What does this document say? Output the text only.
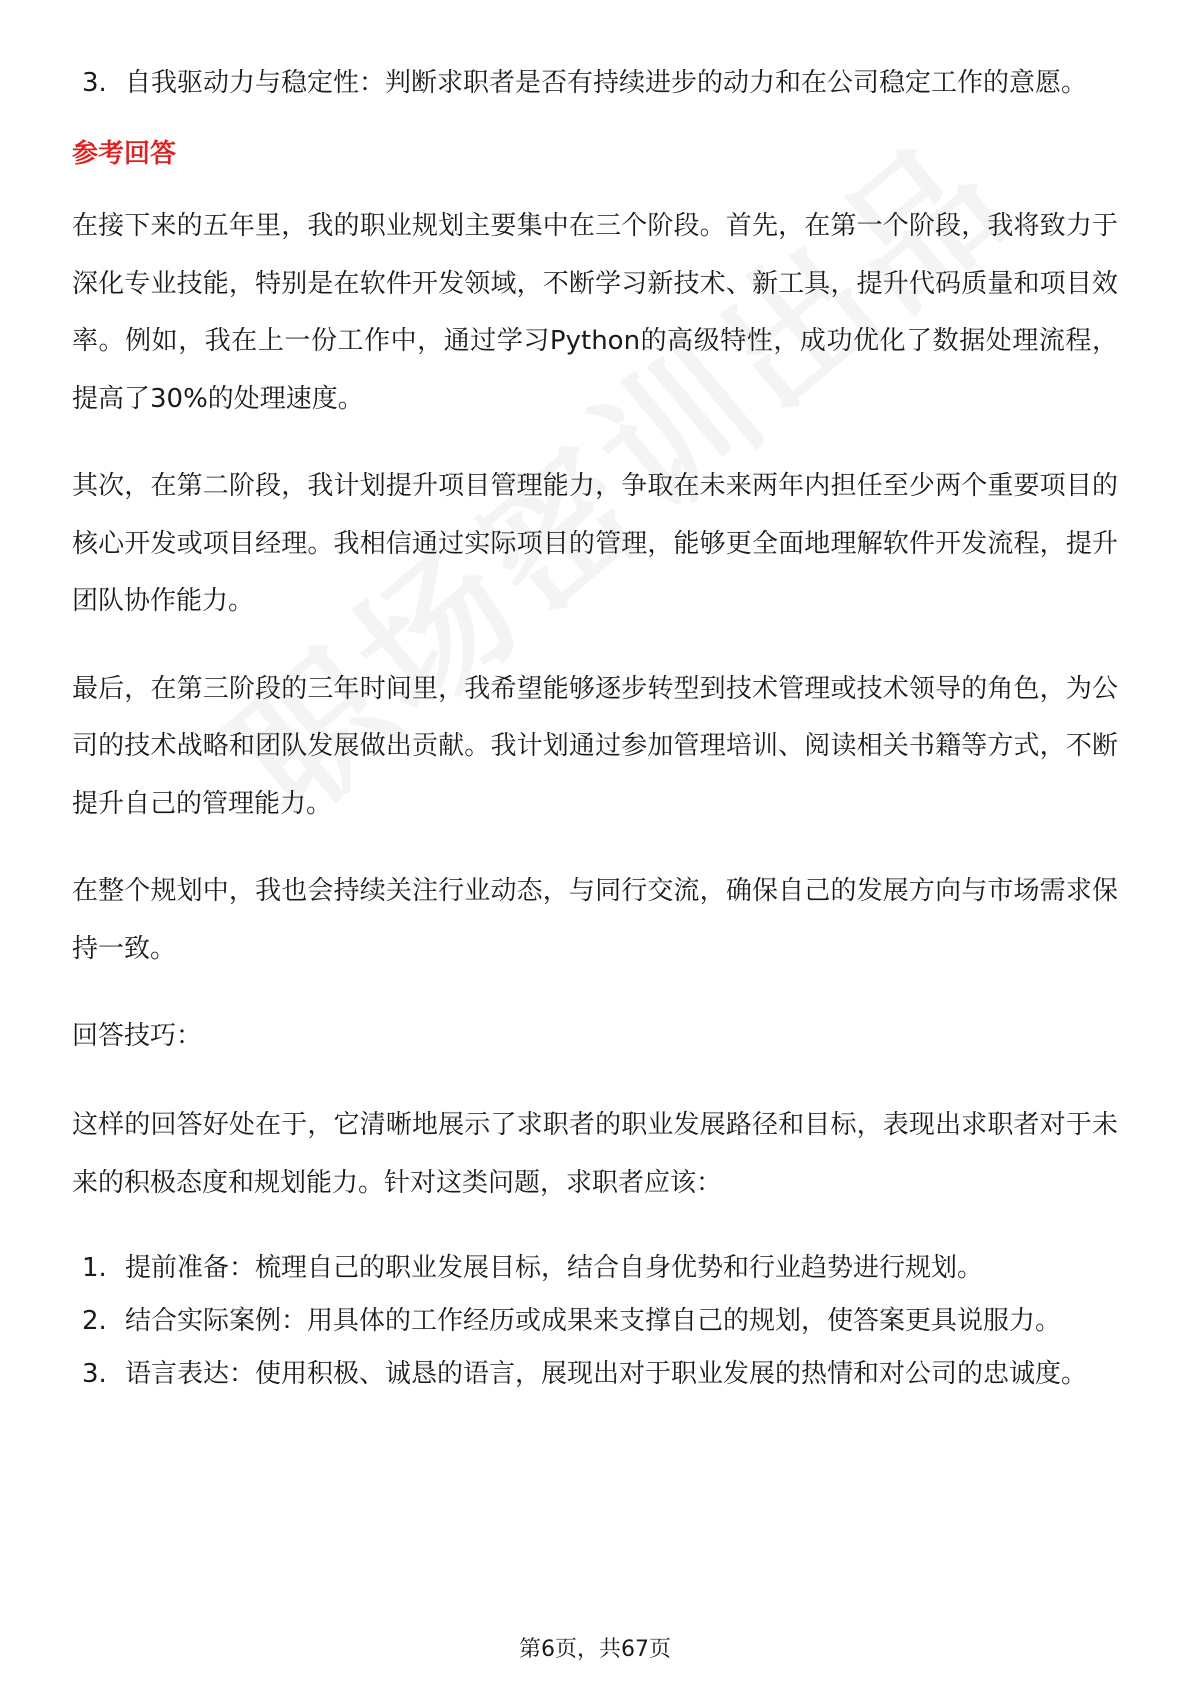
3. 自我驱动力与稳定性：判断求职者是否有持续进步的动力和在公司稳定工作的意愿。
参考回答

在接下来的五年里，我的职业规划主要集中在三个阶段。首先，在第一个阶段，我将致力于深化专业技能，特别是在软件开发领域，不断学习新技术、新工具，提升代码质量和项目效率。例如，我在上一份工作中，通过学习Python的高级特性，成功优化了数据处理流程，提高了30%的处理速度。

其次，在第二阶段，我计划提升项目管理能力，争取在未来两年内担任至少两个重要项目的核心开发或项目经理。我相信通过实际项目的管理，能够更全面地理解软件开发流程，提升团队协作能力。

最后，在第三阶段的三年时间里，我希望能够逐步转型到技术管理或技术领导的角色，为公司的技术战略和团队发展做出贡献。我计划通过参加管理培训、阅读相关书籍等方式，不断提升自己的管理能力。

在整个规划中，我也会持续关注行业动态，与同行交流，确保自己的发展方向与市场需求保持一致。

回答技巧：

这样的回答好处在于，它清晰地展示了求职者的职业发展路径和目标，表现出求职者对于未来的积极态度和规划能力。针对这类问题，求职者应该：

1. 提前准备：梳理自己的职业发展目标，结合自身优势和行业趋势进行规划。
2. 结合实际案例：用具体的工作经历或成果来支撑自己的规划，使答案更具说服力。
3. 语言表达：使用积极、诚恳的语言，展现出对于职业发展的热情和对公司的忠诚度。
第6页，共67页
